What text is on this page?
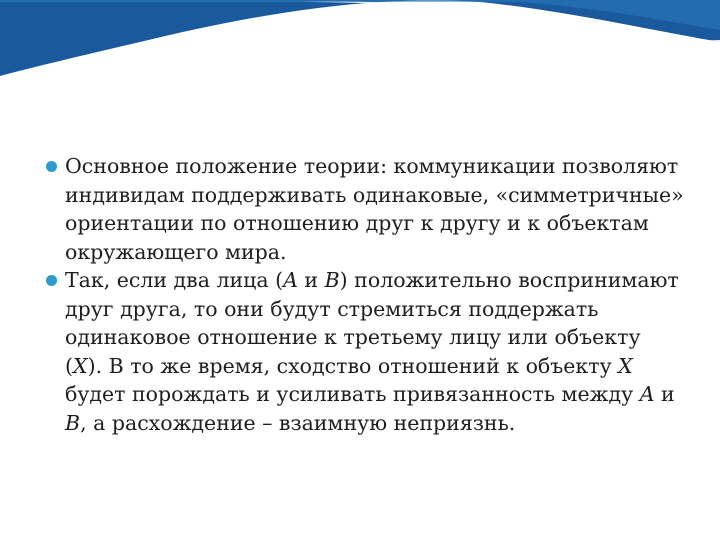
Основное положение теории: коммуникации позволяют индивидам поддерживать одинаковые, «симметричные» ориентации по отношению друг к другу и к объектам окружающего мира.
Так, если два лица (A и B) положительно воспринимают друг друга, то они будут стремиться поддержать одинаковое отношение к третьему лицу или объекту (X). В то же время, сходство отношений к объекту X будет порождать и усиливать привязанность между A и B, а расхождение – взаимную неприязнь.
